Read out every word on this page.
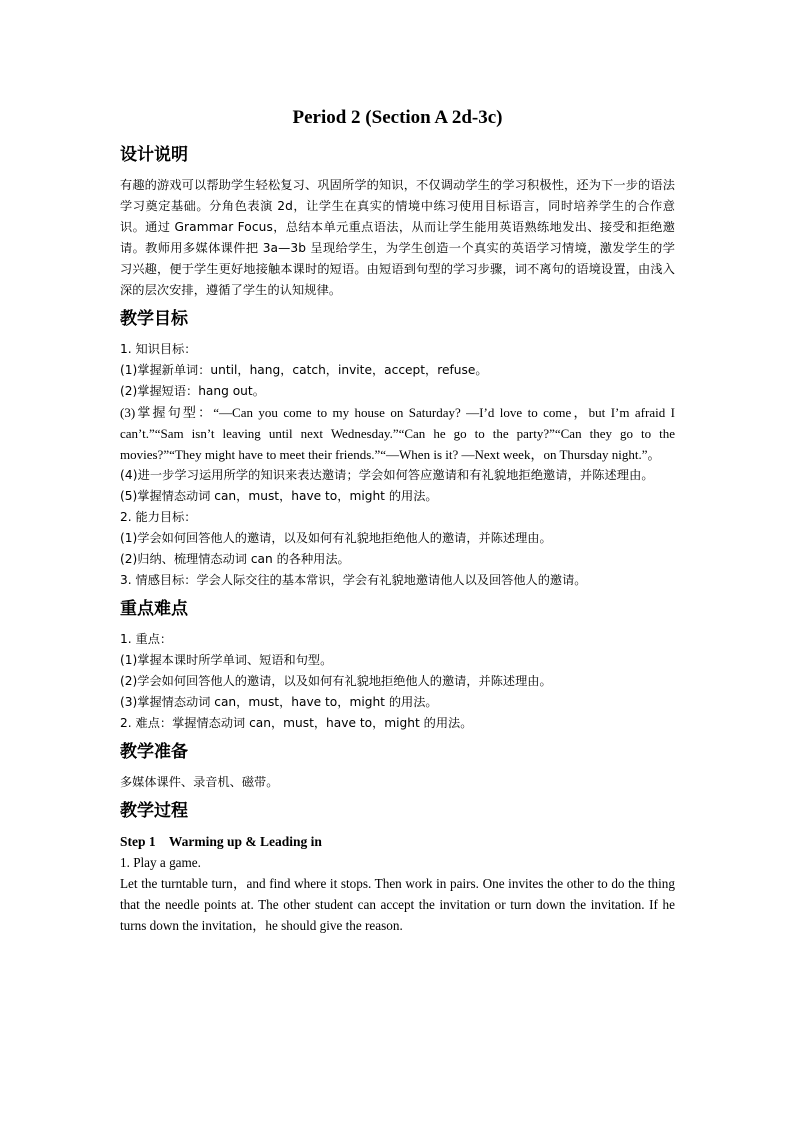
Period 2 (Section A 2d-3c)
设计说明

有趣的游戏可以帮助学生轻松复习、巩固所学的知识，不仅调动学生的学习积极性，还为下一步的语法学习奠定基础。分角色表演 2d，让学生在真实的情境中练习使用目标语言，同时培养学生的合作意识。通过 Grammar Focus，总结本单元重点语法，从而让学生能用英语熟练地发出、接受和拒绝邀请。教师用多媒体课件把 3a—3b 呈现给学生，为学生创造一个真实的英语学习情境，激发学生的学习兴趣，便于学生更好地接触本课时的短语。由短语到句型的学习步骤，词不离句的语境设置，由浅入深的层次安排，遵循了学生的认知规律。

教学目标

1. 知识目标：

(1)掌握新单词：until，hang，catch，invite，accept，refuse。

(2)掌握短语：hang out。

(3)掌握句型：“—Can you come to my house on Saturday? —I’d love to come，but I’m afraid I can’t.”“Sam isn’t leaving until next Wednesday.”“Can he go to the party?”“Can they go to the movies?”“They might have to meet their friends.”“—When is it? —Next week，on Thursday night.”。

(4)进一步学习运用所学的知识来表达邀请；学会如何答应邀请和有礼貌地拒绝邀请，并陈述理由。

(5)掌握情态动词 can，must，have to，might 的用法。

2. 能力目标：

(1)学会如何回答他人的邀请，以及如何有礼貌地拒绝他人的邀请，并陈述理由。

(2)归纳、梳理情态动词 can 的各种用法。

3. 情感目标：学会人际交往的基本常识，学会有礼貌地邀请他人以及回答他人的邀请。

重点难点

1. 重点：

(1)掌握本课时所学单词、短语和句型。

(2)学会如何回答他人的邀请，以及如何有礼貌地拒绝他人的邀请，并陈述理由。

(3)掌握情态动词 can，must，have to，might 的用法。

2. 难点：掌握情态动词 can，must，have to，might 的用法。

教学准备

多媒体课件、录音机、磁带。

教学过程

Step 1    Warming up & Leading in

1. Play a game.

Let the turntable turn，and find where it stops. Then work in pairs. One invites the other to do the thing that the needle points at. The other student can accept the invitation or turn down the invitation. If he turns down the invitation，he should give the reason.
